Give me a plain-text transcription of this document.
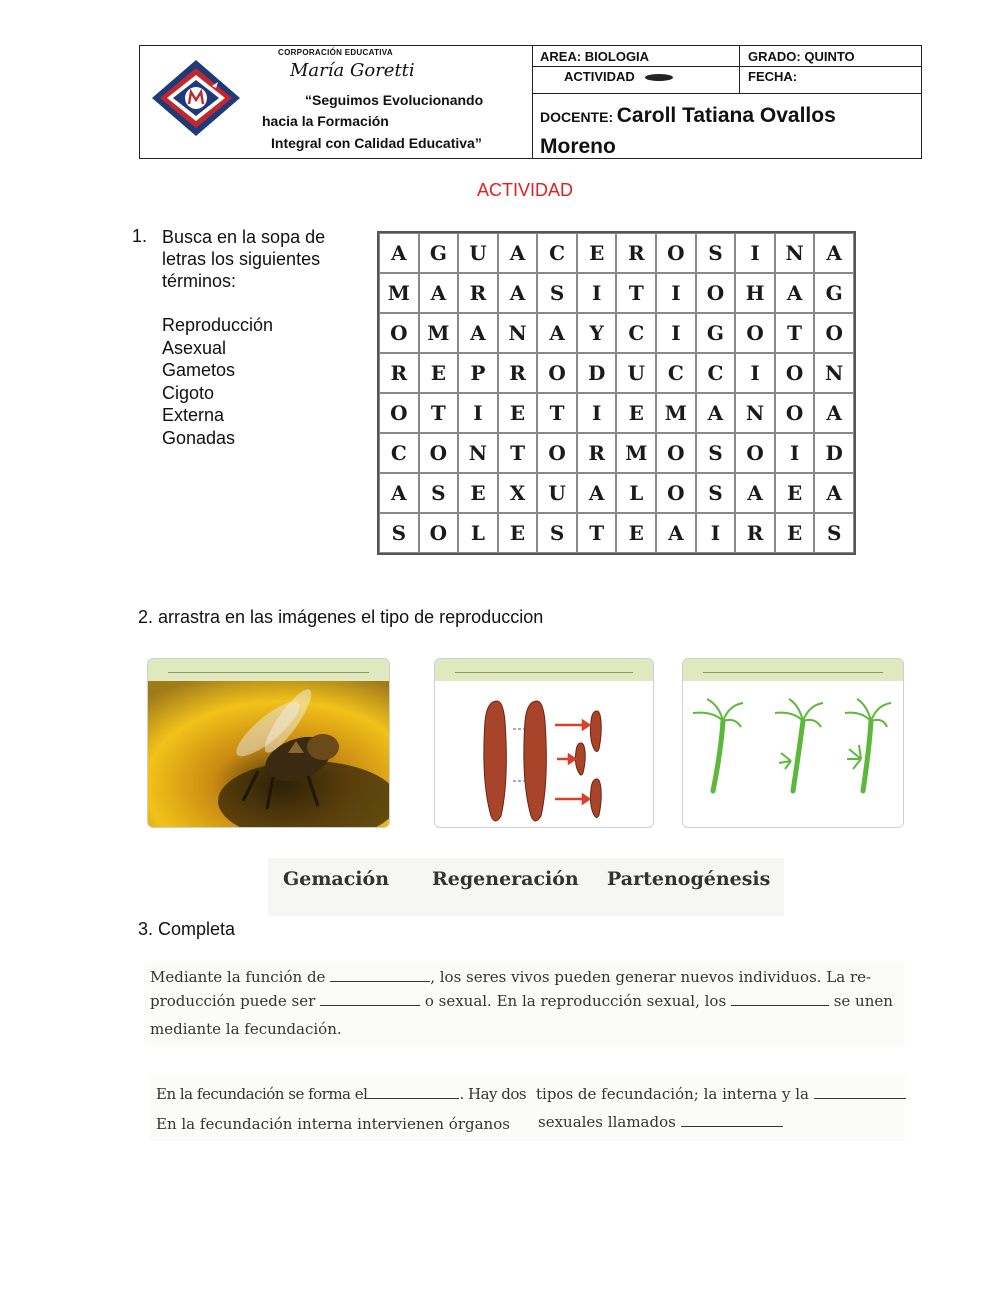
CORPORACIÓN EDUCATIVA
María Goretti
“Seguimos Evolucionando
hacia la Formación
Integral con Calidad Educativa”
AREA: BIOLOGIA	GRADO: QUINTO
ACTIVIDAD	FECHA:
DOCENTE: Caroll Tatiana Ovallos
Moreno
ACTIVIDAD
1. Busca en la sopa de letras los siguientes términos:
Reproducción
Asexual
Gametos
Cigoto
Externa
Gonadas
A	G	U	A	C	E	R	O	S	I	N	A
M	A	R	A	S	I	T	I	O	H	A	G
O M	A	N	A	Y	C	I	G	O	T	O
R	E	P	R	O	D	U	C	C	I	O	N
O	T	I	E	T	I	E	M	A	N	O	A
C	O	N	T	O	R	M O	S	O	I	D
A	S	E	X	U	A	L	O	S	A	E	A
S	O	L	E	S	T	E	A	I	R	E	S
2. arrastra en las imágenes el tipo de reproduccion
Gemación Regeneración Partenogénesis
3. Completa
Mediante la función de	, los seres vivos pueden generar nuevos individuos. La re-
producción puede ser	o sexual. En la reproducción sexual, los	se unen
mediante la fecundación.
En la fecundación se forma el	. Hay dos tipos de fecundación; la interna y la
En la fecundación interna intervienen órganos sexuales llamados
